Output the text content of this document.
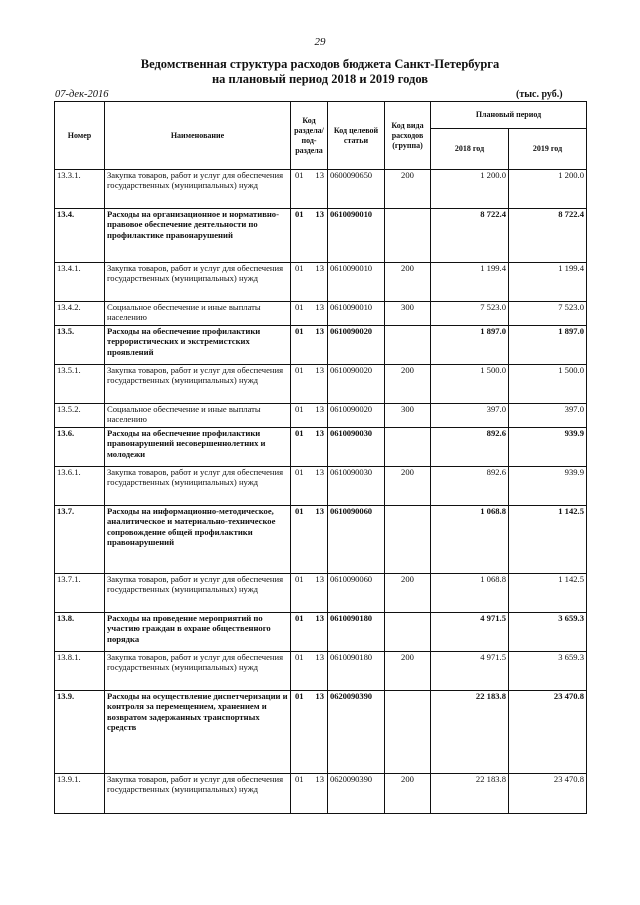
29
Ведомственная структура расходов бюджета Санкт-Петербурга
на плановый период 2018 и 2019 годов
07-дек-2016	(тыс. руб.)
Номер	Наименование	Код раздела/ под-раздела	Код целевой статьи	Код вида расходов (группа)	Плановый период	
					2018 год	2019 год
13.3.1.	Закупка товаров, работ и услуг для обеспечения государственных (муниципальных) нужд	01 13	0600090650	200	1 200.0	1 200.0
13.4.	Расходы на организационное и нормативно-правовое обеспечение деятельности по профилактике правонарушений	01 13	0610090010		8 722.4	8 722.4
13.4.1.	Закупка товаров, работ и услуг для обеспечения государственных (муниципальных) нужд	01 13	0610090010	200	1 199.4	1 199.4
13.4.2.	Социальное обеспечение и иные выплаты населению	01 13	0610090010	300	7 523.0	7 523.0
13.5.	Расходы на обеспечение профилактики террористических и экстремистских проявлений	01 13	0610090020		1 897.0	1 897.0
13.5.1.	Закупка товаров, работ и услуг для обеспечения государственных (муниципальных) нужд	01 13	0610090020	200	1 500.0	1 500.0
13.5.2.	Социальное обеспечение и иные выплаты населению	01 13	0610090020	300	397.0	397.0
13.6.	Расходы на обеспечение профилактики правонарушений несовершеннолетних и молодежи	01 13	0610090030		892.6	939.9
13.6.1.	Закупка товаров, работ и услуг для обеспечения государственных (муниципальных) нужд	01 13	0610090030	200	892.6	939.9
13.7.	Расходы на информационно-методическое, аналитическое и материально-техническое сопровождение общей профилактики правонарушений	01 13	0610090060		1 068.8	1 142.5
13.7.1.	Закупка товаров, работ и услуг для обеспечения государственных (муниципальных) нужд	01 13	0610090060	200	1 068.8	1 142.5
13.8.	Расходы на проведение мероприятий по участию граждан в охране общественного порядка	01 13	0610090180		4 971.5	3 659.3
13.8.1.	Закупка товаров, работ и услуг для обеспечения государственных (муниципальных) нужд	01 13	0610090180	200	4 971.5	3 659.3
13.9.	Расходы на осуществление диспетчеризации и контроля за перемещением, хранением и возвратом задержанных транспортных средств	01 13	0620090390		22 183.8	23 470.8
13.9.1.	Закупка товаров, работ и услуг для обеспечения государственных (муниципальных) нужд	01 13	0620090390	200	22 183.8	23 470.8
